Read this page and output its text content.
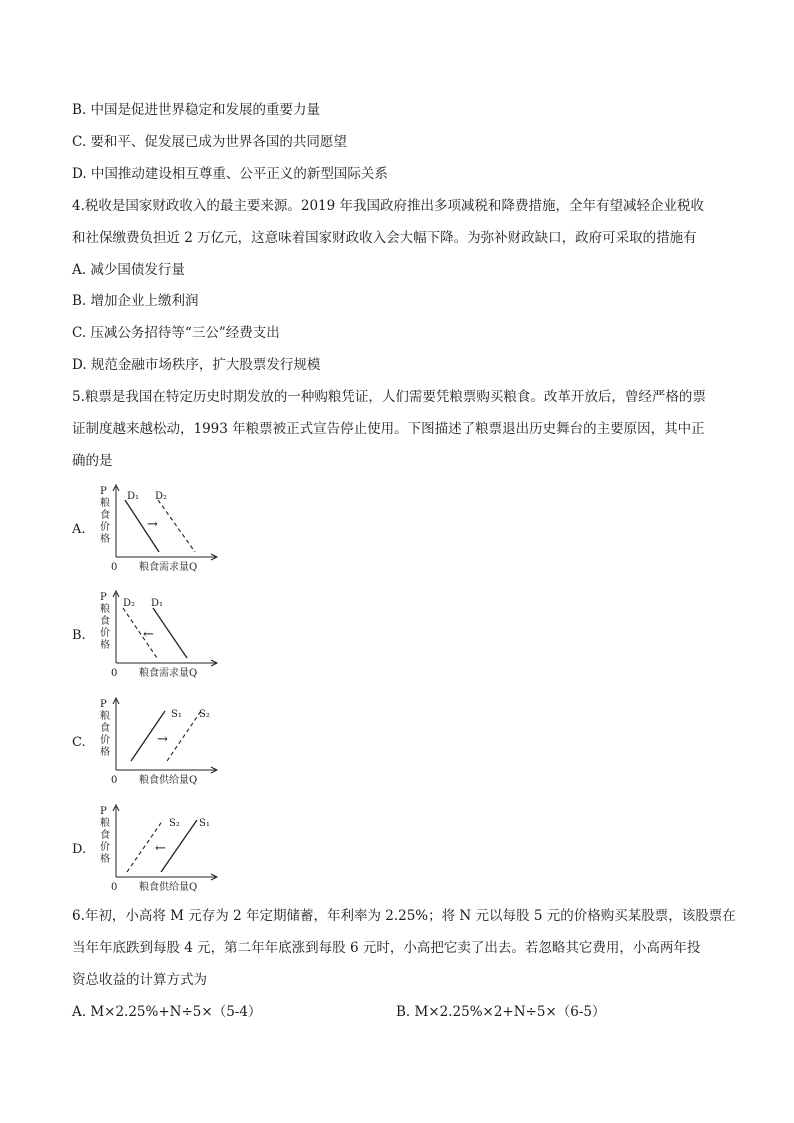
B. 中国是促进世界稳定和发展的重要力量
C. 要和平、促发展已成为世界各国的共同愿望
D. 中国推动建设相互尊重、公平正义的新型国际关系
4.税收是国家财政收入的最主要来源。2019 年我国政府推出多项减税和降费措施，全年有望减轻企业税收
和社保缴费负担近 2 万亿元，这意味着国家财政收入会大幅下降。为弥补财政缺口，政府可采取的措施有
A. 减少国债发行量
B. 增加企业上缴利润
C. 压减公务招待等“三公”经费支出
D. 规范金融市场秩序，扩大股票发行规模
5.粮票是我国在特定历史时期发放的一种购粮凭证，人们需要凭粮票购买粮食。改革开放后，曾经严格的票
证制度越来越松动，1993 年粮票被正式宣告停止使用。下图描述了粮票退出历史舞台的主要原因，其中正
确的是
A.
P
粮
食
价
格
0 粮食需求量Q
D₁ D₂
→
B.
P
粮
食
价
格
0 粮食需求量Q
D₂ D₁
←
C.
P
粮
食
价
格
0 粮食供给量Q
S₁ S₂
→
D.
P
粮
食
价
格
0 粮食供给量Q
S₂ S₁
←
6.年初，小高将 M 元存为 2 年定期储蓄，年利率为 2.25%；将 N 元以每股 5 元的价格购买某股票，该股票在
当年年底跌到每股 4 元，第二年年底涨到每股 6 元时，小高把它卖了出去。若忽略其它费用，小高两年投
资总收益的计算方式为
A. M×2.25%+N÷5×（5-4）	B. M×2.25%×2+N÷5×（6-5）
